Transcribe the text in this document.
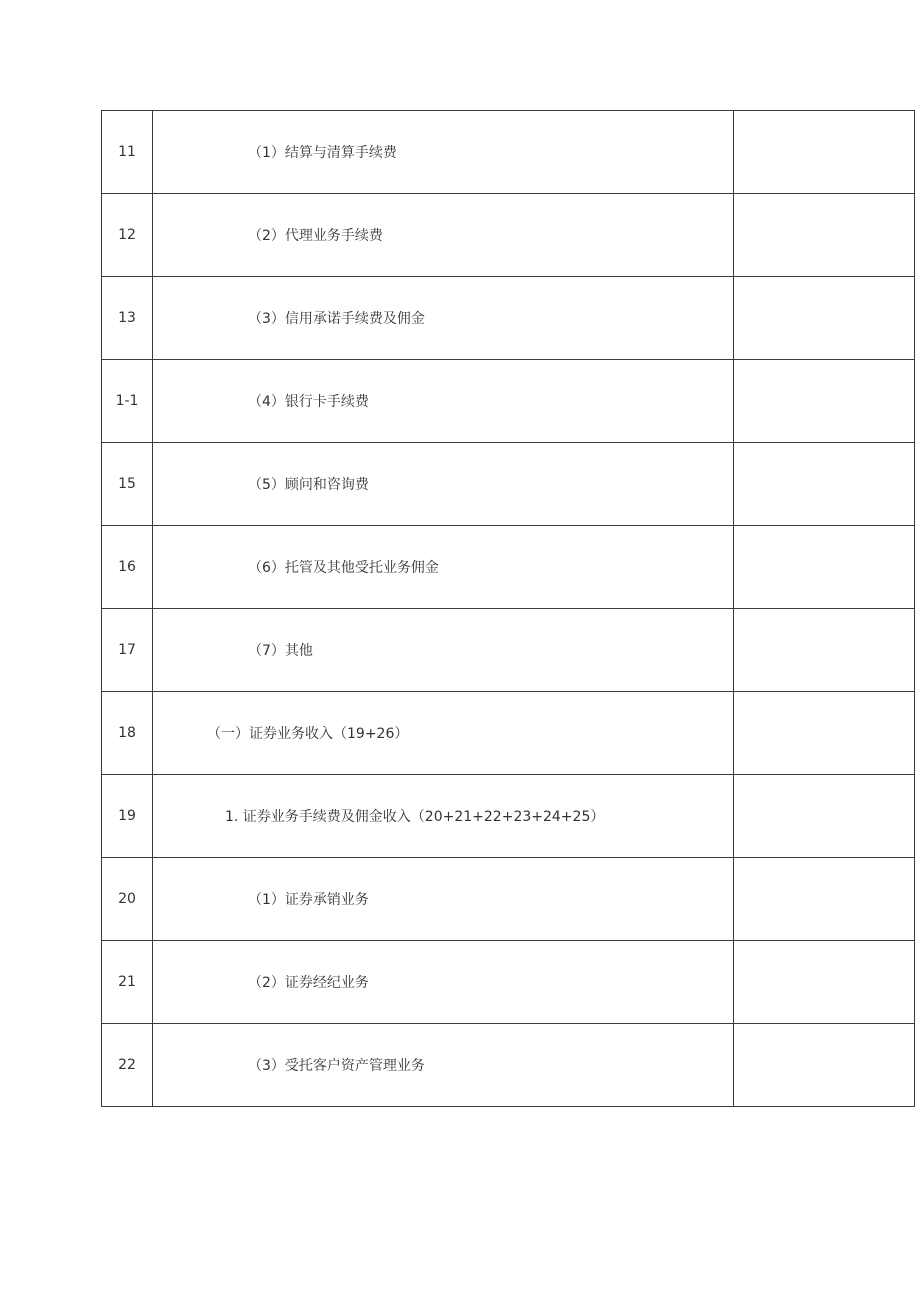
11	（1）结算与清算手续费	
12	（2）代理业务手续费	
13	（3）信用承诺手续费及佣金	
1-1	（4）银行卡手续费	
15	（5）顾问和咨询费	
16	（6）托管及其他受托业务佣金	
17	（7）其他	
18	（一）证券业务收入（19+26）	
19	1. 证券业务手续费及佣金收入（20+21+22+23+24+25）	
20	（1）证券承销业务	
21	（2）证券经纪业务	
22	（3）受托客户资产管理业务	
